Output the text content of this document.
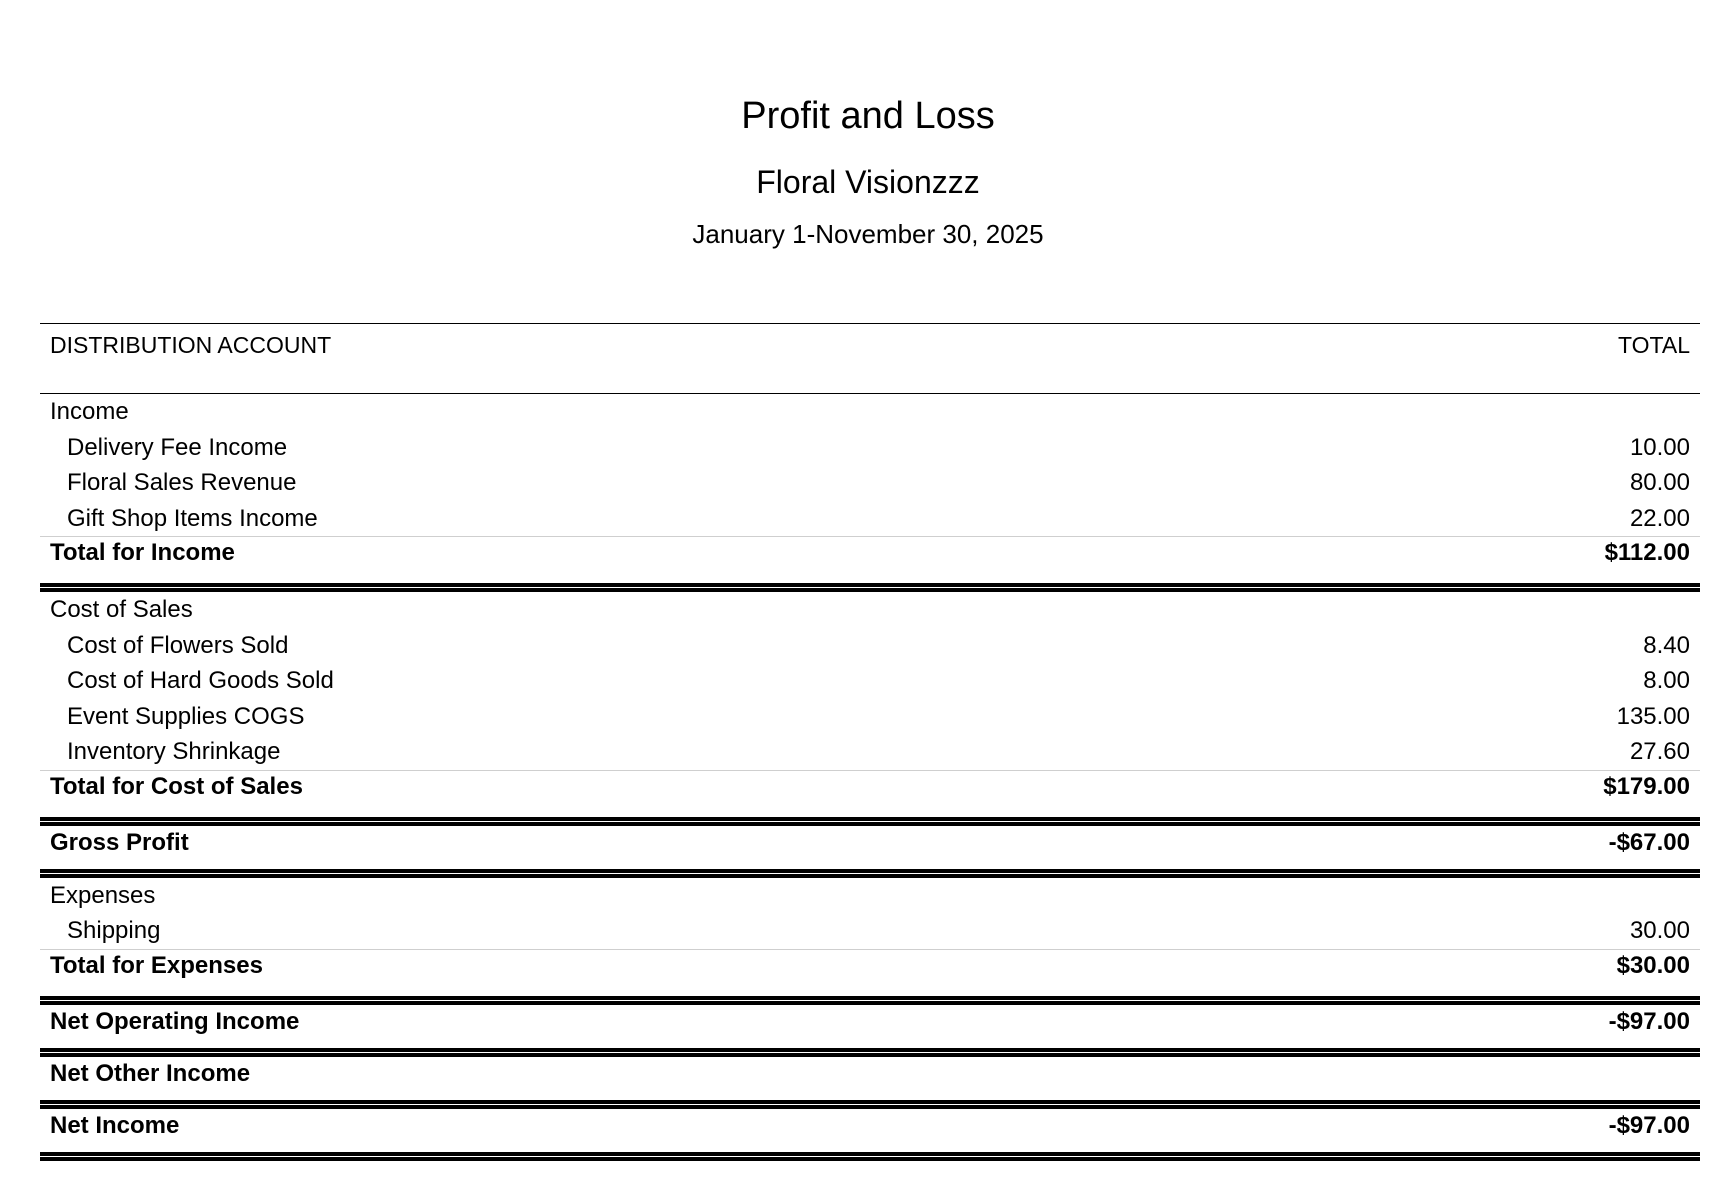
Profit and Loss
Floral Visionzzz
January 1-November 30, 2025
DISTRIBUTION ACCOUNT	TOTAL
Income
Delivery Fee Income	10.00
Floral Sales Revenue	80.00
Gift Shop Items Income	22.00
Total for Income	$112.00
Cost of Sales
Cost of Flowers Sold	8.40
Cost of Hard Goods Sold	8.00
Event Supplies COGS	135.00
Inventory Shrinkage	27.60
Total for Cost of Sales	$179.00
Gross Profit	-$67.00
Expenses
Shipping	30.00
Total for Expenses	$30.00
Net Operating Income	-$97.00
Net Other Income
Net Income	-$97.00
